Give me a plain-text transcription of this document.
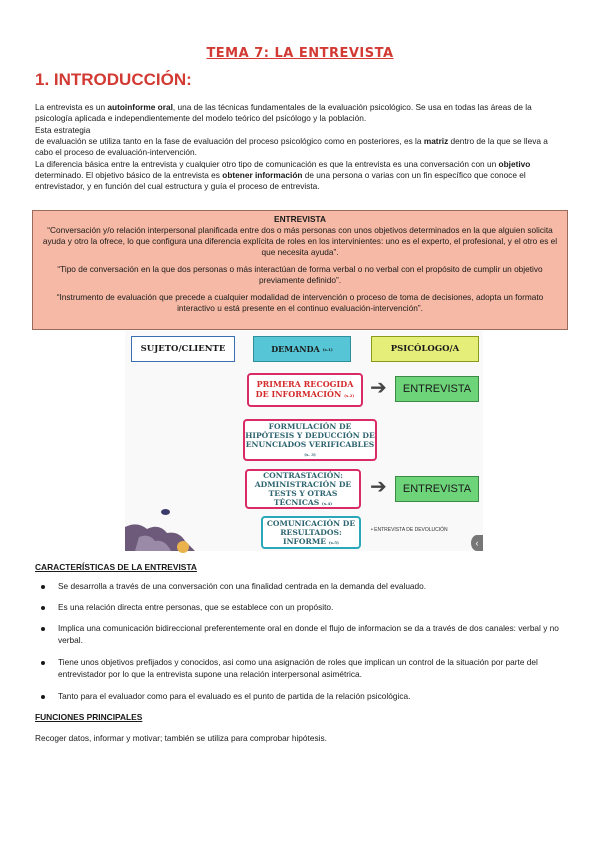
TEMA 7: LA ENTREVISTA
1. INTRODUCCIÓN:
La entrevista es un autoinforme oral, una de las técnicas fundamentales de la evaluación psicológico. Se usa en todas las áreas de la psicología aplicada e independientemente del modelo teórico del psicólogo y la población.
Esta estrategia
de evaluación se utiliza tanto en la fase de evaluación del proceso psicológico como en posteriores, es la matriz dentro de la que se lleva a cabo el proceso de evaluación-intervención.
La diferencia básica entre la entrevista y cualquier otro tipo de comunicación es que la entrevista es una conversación con un objetivo determinado. El objetivo básico de la entrevista es obtener información de una persona o varias con un fin específico que conoce el entrevistador, y en función del cual estructura y guía el proceso de entrevista.

ENTREVISTA

“Conversación y/o relación interpersonal planificada entre dos o más personas con unos objetivos determinados en la que alguien solicita ayuda y otro la ofrece, lo que configura una diferencia explícita de roles en los intervinientes: uno es el experto, el profesional, y el otro es el que necesita ayuda”.

“Tipo de conversación en la que dos personas o más interactúan de forma verbal o no verbal con el propósito de cumplir un objetivo previamente definido”.

“Instrumento de evaluación que precede a cualquier modalidad de intervención o proceso de toma de decisiones, adopta un formato interactivo u está presente en el continuo evaluación-intervención”.

SUJETO/CLIENTE	DEMANDA
(s.1)	PSICÓLOGO/A
PRIMERA RECOGIDA DE INFORMACIÓN (s.2) ➔	ENTREVISTA
FORMULACIÓN DE HIPÓTESIS Y DEDUCCIÓN DE ENUNCIADOS VERIFICABLES (s. 3)
CONTRASTACIÓN: ADMINISTRACIÓN DE TESTS Y OTRAS TÉCNICAS (s.4)
➔	ENTREVISTA
COMUNICACIÓN DE RESULTADOS: INFORME (s.5)
• ENTREVISTA DE DEVOLUCIÓN
‹
CARACTERÍSTICAS DE LA ENTREVISTA
Se desarrolla a través de una conversación con una finalidad centrada en la demanda del evaluado.
Es una relación directa entre personas, que se establece con un propósito.
Implica una comunicación bidireccional preferentemente oral en donde el flujo de informacion se da a través de dos canales: verbal y no verbal.
Tiene unos objetivos prefijados y conocidos, asi como una asignación de roles que implican un control de la situación por parte del entrevistador por lo que la entrevista supone una relación interpersonal asimétrica.
Tanto para el evaluador como para el evaluado es el punto de partida de la relación psicológica.
FUNCIONES PRINCIPALES
Recoger datos, informar y motivar; también se utiliza para comprobar hipótesis.
